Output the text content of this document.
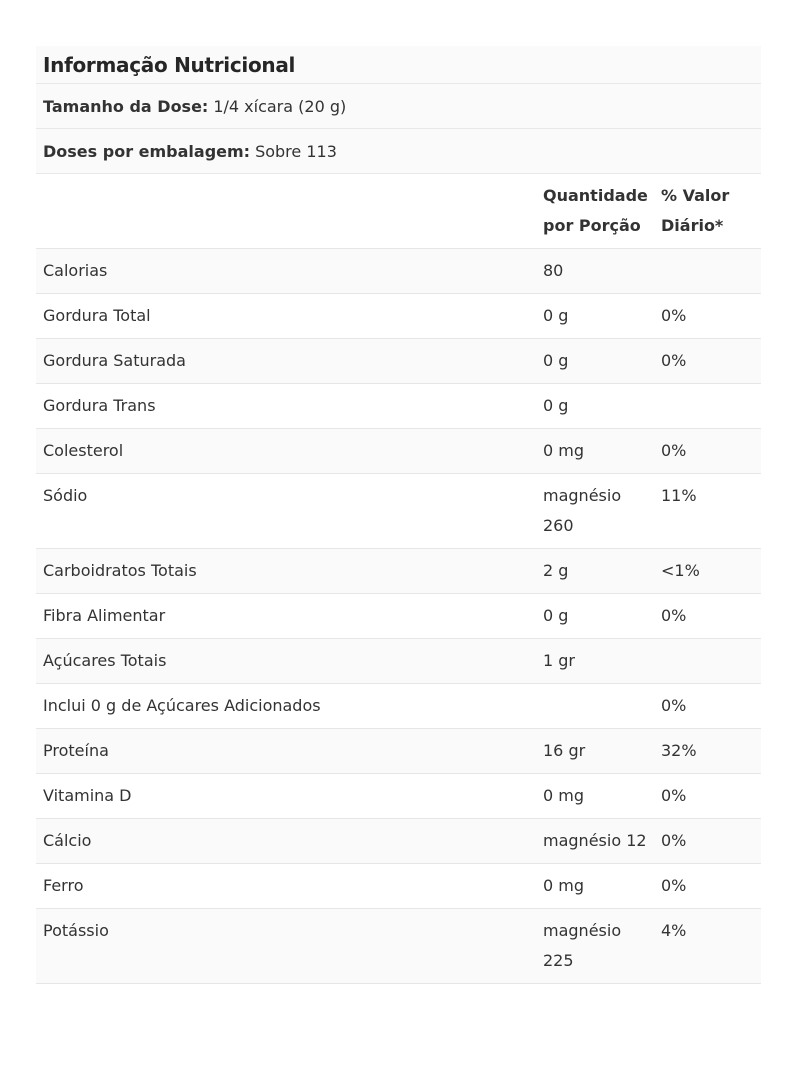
Informação Nutricional
Tamanho da Dose: 1/4 xícara (20 g)
Doses por embalagem: Sobre 113
	Quantidade por Porção	% Valor Diário*
Calorias	80	
Gordura Total	0 g	0%
Gordura Saturada	0 g	0%
Gordura Trans	0 g	
Colesterol	0 mg	0%
Sódio	magnésio 260	11%
Carboidratos Totais	2 g	<1%
Fibra Alimentar	0 g	0%
Açúcares Totais	1 gr	
Inclui 0 g de Açúcares Adicionados		0%
Proteína	16 gr	32%
Vitamina D	0 mg	0%
Cálcio	magnésio 12	0%
Ferro	0 mg	0%
Potássio	magnésio 225	4%
